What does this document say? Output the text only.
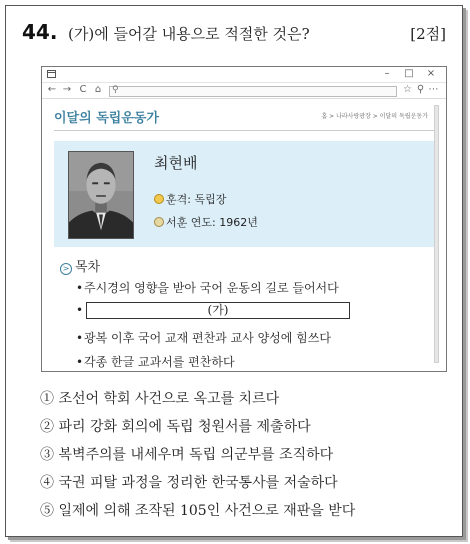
44. (가)에 들어갈 내용으로 적절한 것은?	[2점]
– □ ×
← → C ⌂	⚲	☆ ⚲ ⋯
이달의 독립운동가	홈 > 나라사랑광장 > 이달의 독립운동가
최현배
훈격 : 독립장
서훈 연도 : 1962년
> 목차
•주시경의 영향을 받아 국어 운동의 길로 들어서다
•	(가)
•광복 이후 국어 교재 편찬과 교사 양성에 힘쓰다
•각종 한글 교과서를 편찬하다
① 조선어 학회 사건으로 옥고를 치르다
② 파리 강화 회의에 독립 청원서를 제출하다
③ 복벽주의를 내세우며 독립 의군부를 조직하다
④ 국권 피탈 과정을 정리한 한국통사를 저술하다
⑤ 일제에 의해 조작된 105인 사건으로 재판을 받다
